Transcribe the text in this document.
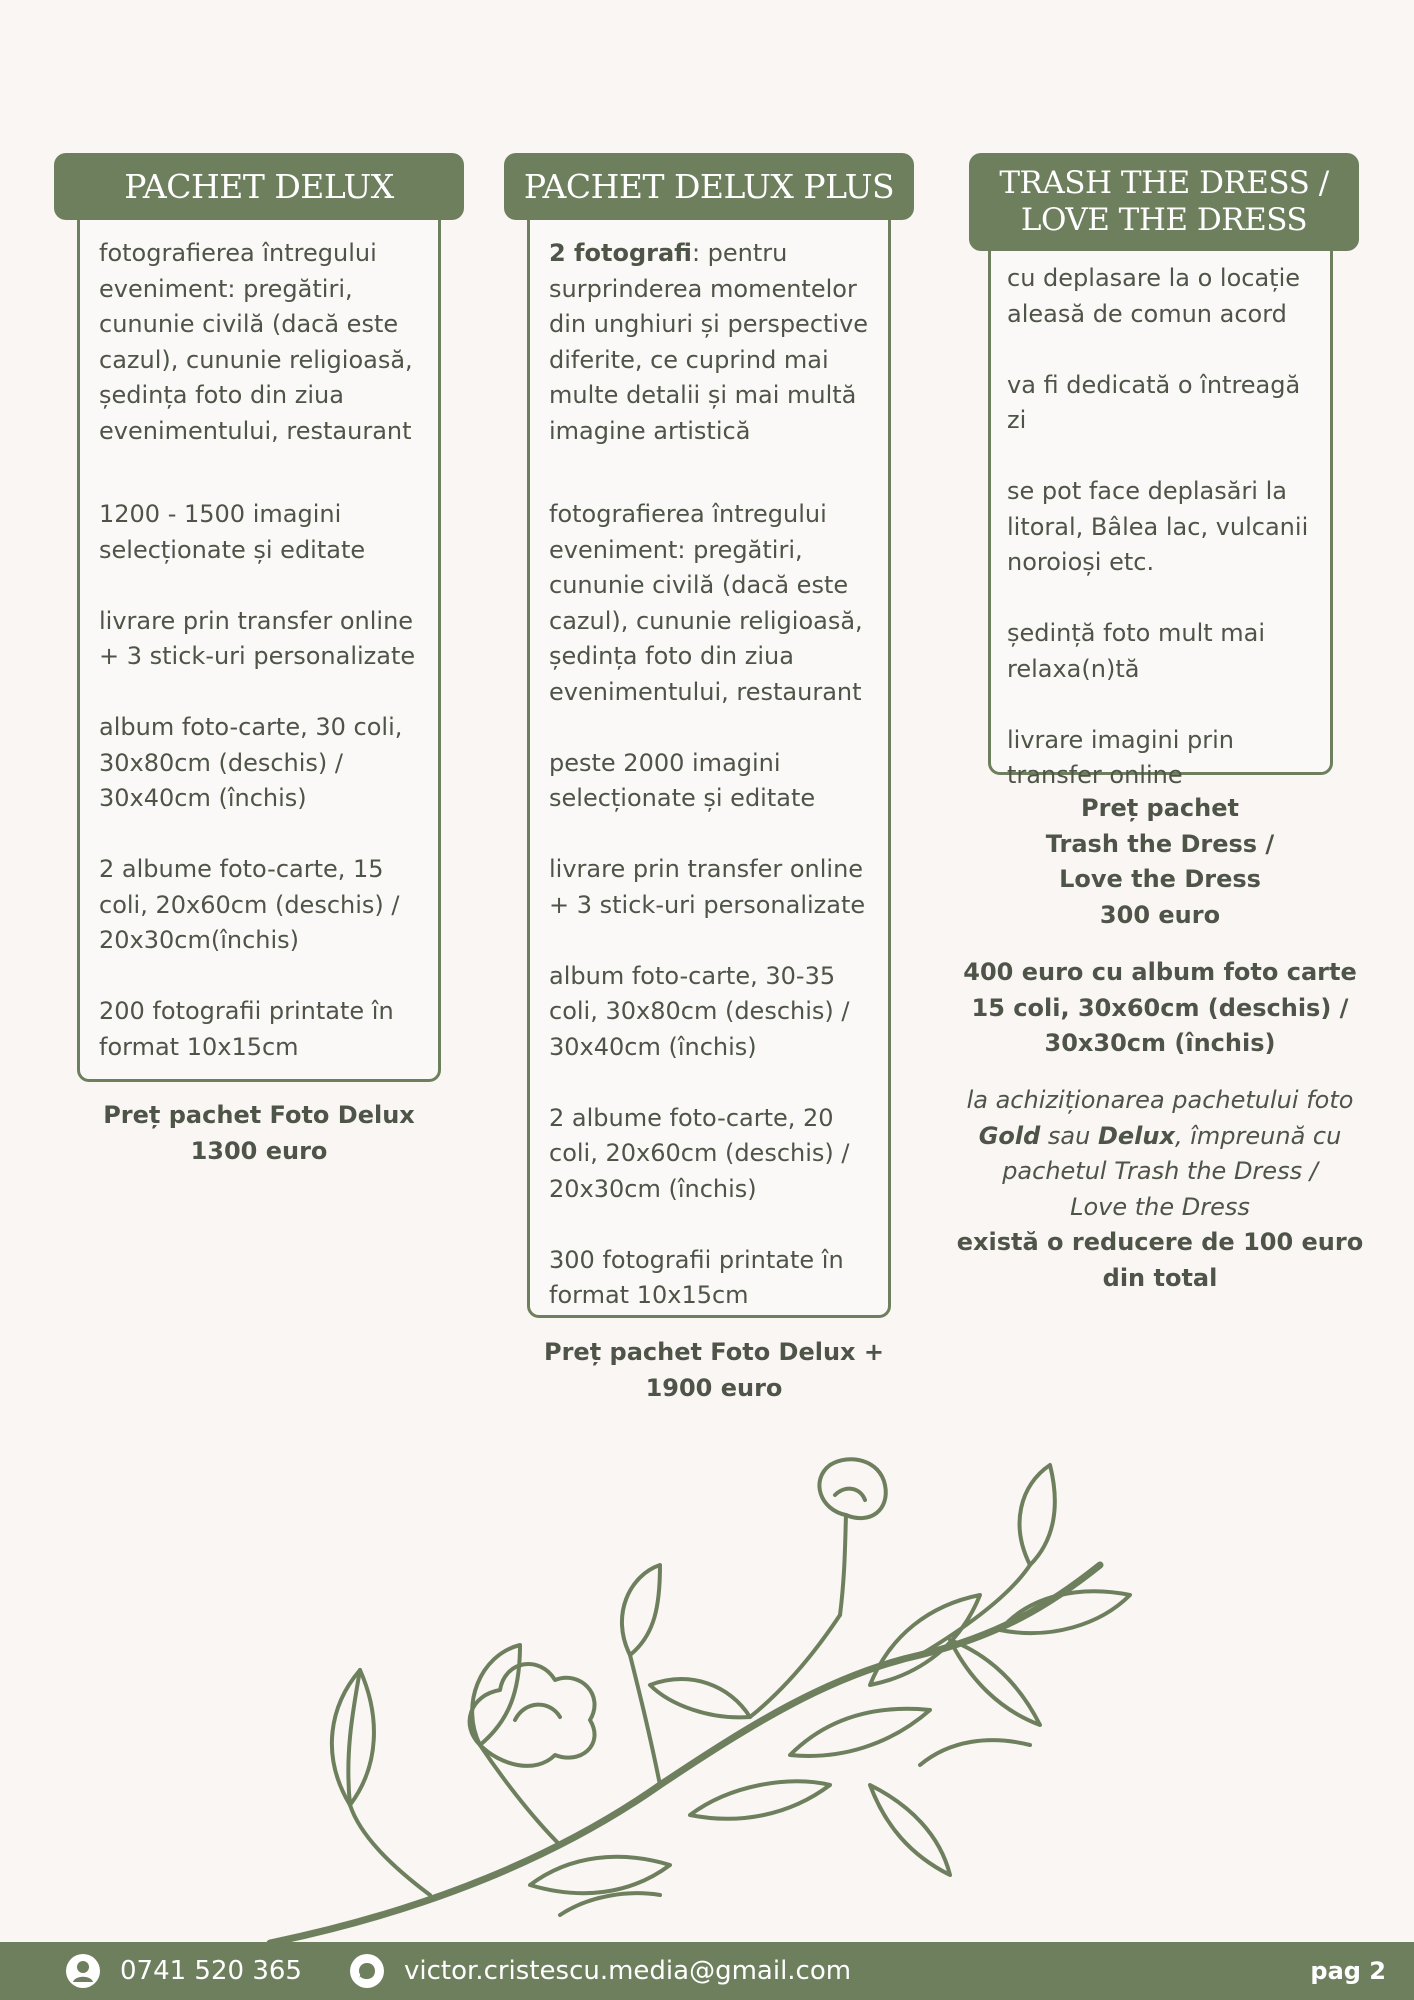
PACHET DELUX

fotografierea întregului eveniment: pregătiri, cununie civilă (dacă este cazul), cununie religioasă, ședința foto din ziua evenimentului, restaurant

1200 - 1500 imagini selecționate și editate

livrare prin transfer online + 3 stick-uri personalizate

album foto-carte, 30 coli, 30x80cm (deschis) / 30x40cm (închis)

2 albume foto-carte, 15 coli, 20x60cm (deschis) / 20x30cm(închis)

200 fotografii printate în format 10x15cm

Preț pachet Foto Delux
1300 euro
PACHET DELUX PLUS

2 fotografi: pentru surprinderea momentelor din unghiuri și perspective diferite, ce cuprind mai multe detalii și mai multă imagine artistică

fotografierea întregului eveniment: pregătiri, cununie civilă (dacă este cazul), cununie religioasă, ședința foto din ziua evenimentului, restaurant

peste 2000 imagini selecționate și editate

livrare prin transfer online + 3 stick-uri personalizate

album foto-carte, 30-35 coli, 30x80cm (deschis) / 30x40cm (închis)

2 albume foto-carte, 20 coli, 20x60cm (deschis) / 20x30cm (închis)

300 fotografii printate în format 10x15cm

Preț pachet Foto Delux +
1900 euro
TRASH THE DRESS /
LOVE THE DRESS

cu deplasare la o locație aleasă de comun acord

va fi dedicată o întreagă zi

se pot face deplasări la litoral, Bâlea lac, vulcanii noroioși etc.

ședință foto mult mai relaxa(n)tă

livrare imagini prin transfer online

Preț pachet
Trash the Dress /
Love the Dress
300 euro
400 euro cu album foto carte
15 coli, 30x60cm (deschis) /
30x30cm (închis)
la achiziționarea pachetului foto
Gold sau Delux, împreună cu
pachetul Trash the Dress /
Love the Dress
există o reducere de 100 euro
din total
0741 520 365	victor.cristescu.media@gmail.com	pag 2
